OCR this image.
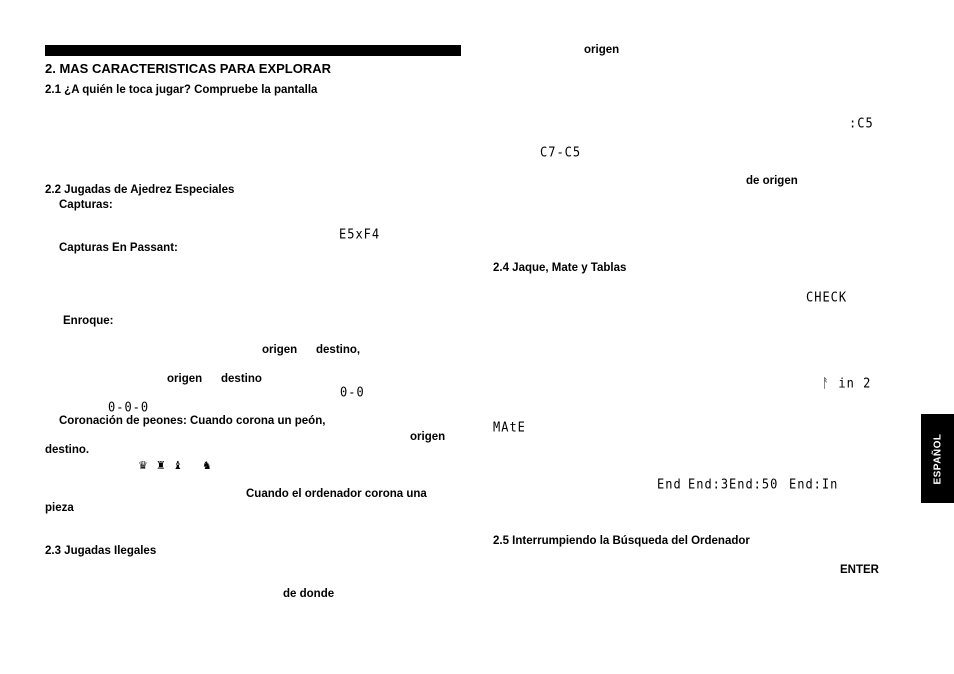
2. MAS CARACTERISTICAS PARA EXPLORAR
2.1 ¿A quién le toca jugar? Compruebe la pantalla
2.2 Jugadas de Ajedrez Especiales
Capturas:
E5xF4
Capturas En Passant:
Enroque:
origen destino,
origen destino
0-0
0-0-0
Coronación de peones: Cuando corona un peón,
origen
destino.
♛ ♜ ♝ ♞
Cuando el ordenador corona una
pieza
2.3 Jugadas Ilegales
de donde
origen
:C5
C7-C5
de origen
2.4 Jaque, Mate y Tablas
CHECK
ᚨ in 2
MAtE
End End:3 End:50 End:In
2.5 Interrumpiendo la Búsqueda del Ordenador
ENTER
ESPAÑOL
